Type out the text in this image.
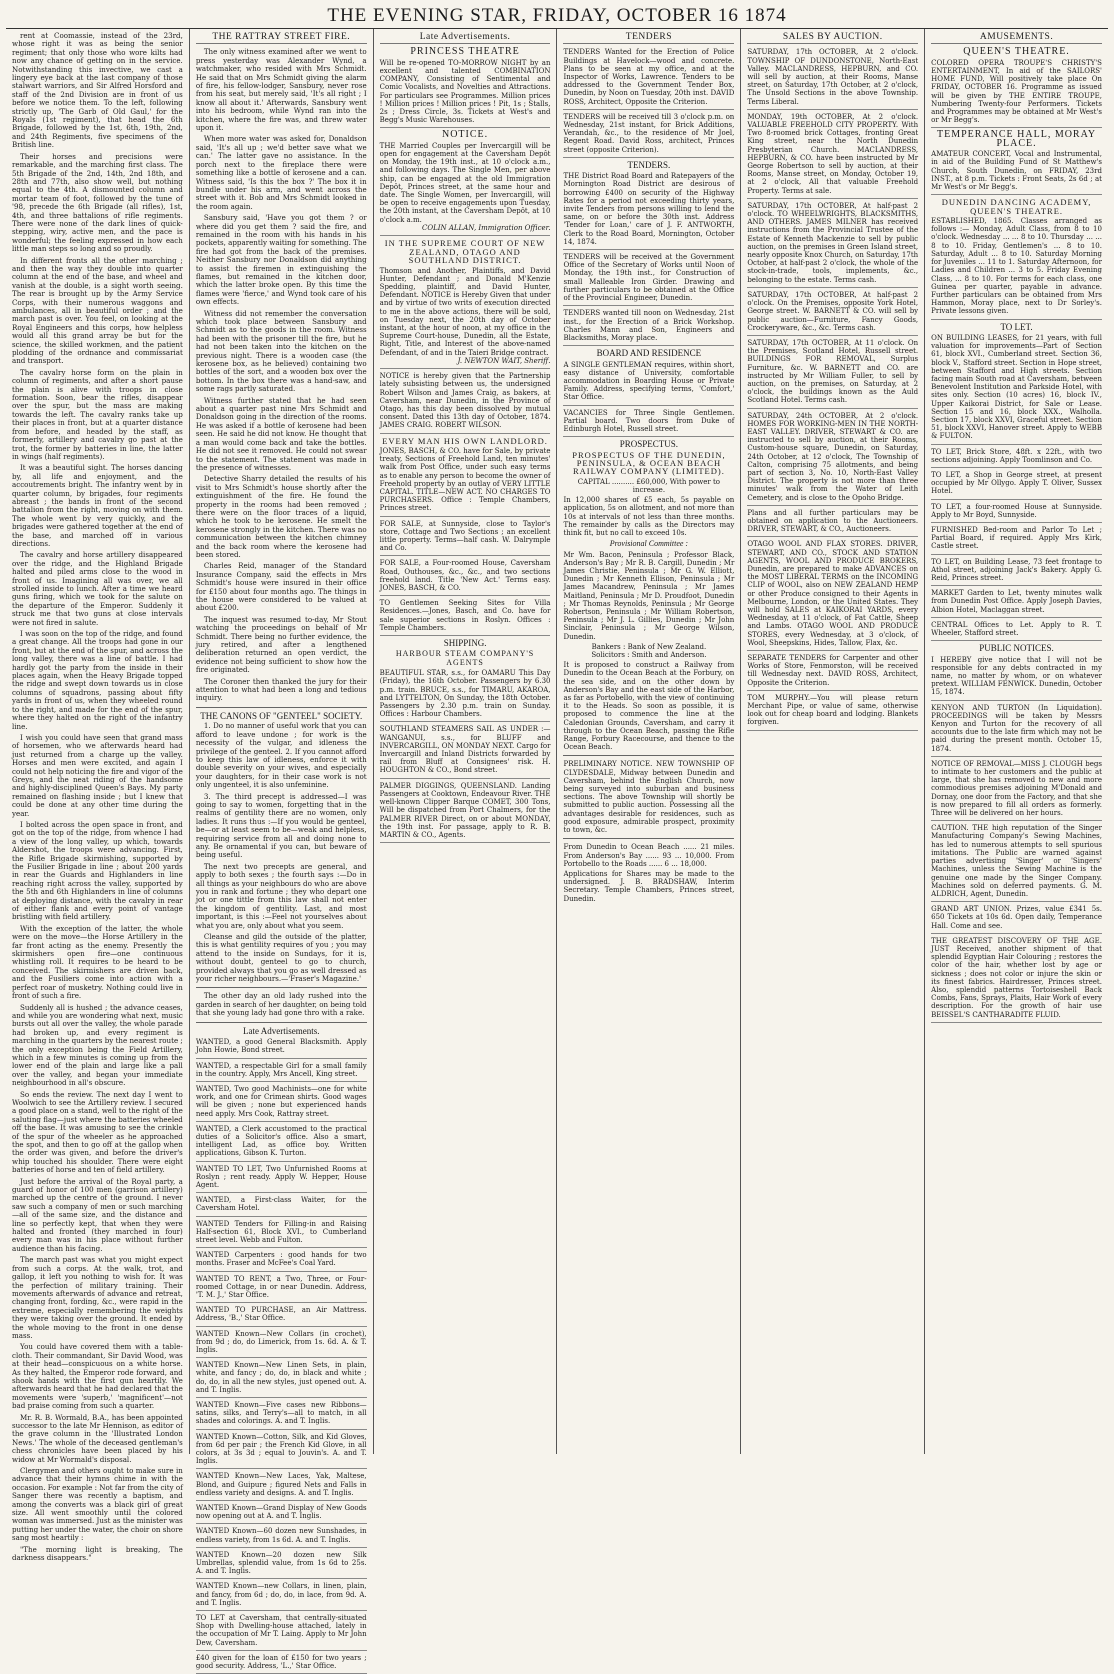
THE EVENING STAR, FRIDAY, OCTOBER 16 1874
rent at Coomassie, instead of the 23rd, whose right it was as being the senior regiment; that only those who wore kilts had now any chance of getting on in the service. Notwithstanding this invective, we cast a lingery eye back at the last company of those stalwart warriors, and Sir Alfred Horsford and staff of the 2nd Division are in front of us before we notice them. To the left, following strictly up, 'The Garb of Old Gaul,' for the Royals (1st regiment), that head the 6th Brigade, followed by the 1st, 6th, 19th, 2nd, and 24th Regiments, five specimens of the British line.
Their horses and precisions were remarkable, and the marching first class. The 5th Brigade of the 2nd, 14th, 2nd 18th, and 28th and 77th, also show well, but nothing equal to the 4th. A dismounted column and mortar team of foot, followed by the tune of '98, precede the 6th Brigade (all rifles), 1st, 4th, and three battalions of rifle regiments. There were none of the dark lines of quick-stepping, wiry, active men, and the pace is wonderful; the feeling expressed in how each little man steps so long and so proudly.
In different fronts all the other marching ; and then the way they double into quarter column at the end of the base, and wheel and vanish at the double, is a sight worth seeing. The rear is brought up by the Army Service Corps, with their numerous waggons and ambulances, all in beautiful order ; and the march past is over. You feel, on looking at the Royal Engineers and this corps, how helpless would all this grand array be but for the science, the skilled workmen, and the patient plodding of the ordnance and commissariat and transport.
The cavalry horse form on the plain in column of regiments, and after a short pause the plain is alive with troops in close formation. Soon, bear the rifles, disappear over the spur, but the mass are making towards the left. The cavalry ranks take up their places in front, but at a quarter distance from before, and headed by the staff, as formerly, artillery and cavalry go past at the trot, the former by batteries in line, the latter in wings (half regiments).
It was a beautiful sight. The horses dancing by, all life and enjoyment, and the accoutrements bright. The infantry went by in quarter column, by brigades, four regiments abreast ; the bands in front of the second battalion from the right, moving on with them. The whole went by very quickly, and the brigades were gathered together at the end of the base, and marched off in various directions.
The cavalry and horse artillery disappeared over the ridge, and the Highland Brigade halted and piled arms close to the wood in front of us. Imagining all was over, we all strolled inside to lunch. After a time we heard guns firing, which we took for the salute on the departure of the Emperor. Suddenly it struck me that two guns at close intervals were not fired in salute.
I was soon on the top of the ridge, and found a great change. All the troops had gone in our front, but at the end of the spur, and across the long valley, there was a line of battle. I had hardly got the party from the inside in their places again, when the Heavy Brigade topped the ridge and swept down towards us in close columns of squadrons, passing about fifty yards in front of us, when they wheeled round to the right, and made for the end of the spur, where they halted on the right of the infantry line.
I wish you could have seen that grand mass of horsemen, who we afterwards heard had just returned from a charge up the valley. Horses and men were excited, and again I could not help noticing the fire and vigor of the Greys, and the neat riding of the handsome and highly-disciplined Queen's Bays. My party remained on flashing inside ; but I knew that could be done at any other time during the year.
I bolted across the open space in front, and got on the top of the ridge, from whence I had a view of the long valley, up which, towards Aldershot, the troops were advancing. First, the Rifle Brigade skirmishing, supported by the Fusilier Brigade in line ; about 200 yards in rear the Guards and Highlanders in line reaching right across the valley, supported by the 5th and 6th Highlanders in line of columns at deploying distance, with the cavalry in rear of either flank and every point of vantage bristling with field artillery.
With the exception of the latter, the whole were on the move—the Horse Artillery in the far front acting as the enemy. Presently the skirmishers open fire—one continuous whistling roll. It requires to be heard to be conceived. The skirmishers are driven back, and the Fusiliers come into action with a perfect roar of musketry. Nothing could live in front of such a fire.
Suddenly all is hushed ; the advance ceases, and while you are wondering what next, music bursts out all over the valley, the whole parade had broken up, and every regiment is marching in the quarters by the nearest route ; the only exception being the Field Artillery, which in a few minutes is coming up from the lower end of the plain and large like a pall over the valley, and began your immediate neighbourhood in all's obscure.
So ends the review. The next day I went to Woolwich to see the Artillery review. I secured a good place on a stand, well to the right of the saluting flag—just where the batteries wheeled off the base. It was amusing to see the crinkle of the spur of the wheeler as he approached the spot, and then to go off at the gallop when the order was given, and before the driver's whip touched his shoulder. There were eight batteries of horse and ten of field artillery.
Just before the arrival of the Royal party, a guard of honor of 100 men (garrison artillery) marched up the centre of the ground. I never saw such a company of men or such marching—all of the same size, and the distance and line so perfectly kept, that when they were halted and fronted (they marched in four) every man was in his place without further audience than his facing.
The march past was what you might expect from such a corps. At the walk, trot, and gallop, it left you nothing to wish for. It was the perfection of military training. Their movements afterwards of advance and retreat, changing front, fording, &c., were rapid in the extreme, especially remembering the weights they were taking over the ground. It ended by the whole moving to the front in one dense mass.
You could have covered them with a table-cloth. Their commandant, Sir David Wood, was at their head—conspicuous on a white horse. As they halted, the Emperor rode forward, and shook hands with the first gun heartily. We afterwards heard that he had declared that the movements were 'superb,' 'magnificent'—not bad praise coming from such a quarter.
Mr. R. B. Wormald, B.A., has been appointed successor to the late Mr Hennison, as editor of the grave column in the 'Illustrated London News.' The whole of the deceased gentleman's chess chronicles have been placed by his widow at Mr Wormald's disposal.
Clergymen and others ought to make sure in advance that their hymns chime in with the occasion. For example : Not far from the city of Sanger there was recently a baptism, and among the converts was a black girl of great size. All went smoothly until the colored woman was immersed. Just as the minister was putting her under the water, the choir on shore sang most heartily :
"The morning light is breaking, The darkness disappears."
THE RATTRAY STREET FIRE.
The only witness examined after we went to press yesterday was Alexander Wynd, a watchmaker, who resided with Mrs Schmidt. He said that on Mrs Schmidt giving the alarm of fire, his fellow-lodger, Sansbury, never rose from his seat, but merely said, 'It's all right ; I know all about it.' Afterwards, Sansbury went into his bedroom, while Wynd ran into the kitchen, where the fire was, and threw water upon it.
When more water was asked for, Donaldson said, 'It's all up ; we'd better save what we can.' The latter gave no assistance. In the porch next to the fireplace there were something like a bottle of kerosene and a can. Witness said, 'Is this the box ?' The box it in bundle under his arm, and went across the street with it. Bob and Mrs Schmidt looked in the room again.
Sansbury said, 'Have you got them ? or where did you get them ? said the fire, and remained in the room with his hands in his pockets, apparently waiting for something. The fire had got from the back of the premises. Neither Sansbury nor Donaldson did anything to assist the firemen in extinguishing the flames, but remained in the kitchen door, which the latter broke open. By this time the flames were 'fierce,' and Wynd took care of his own effects.
Witness did not remember the conversation which took place between Sansbury and Schmidt as to the goods in the room. Witness had been with the prisoner till the fire, but he had not been taken into the kitchen on the previous night. There is a wooden case (the kerosene box, as he believed) containing two bottles of the sort, and a wooden box over the bottom. In the box there was a hand-saw, and some rags partly saturated.
Witness further stated that he had seen about a quarter past nine Mrs Schmidt and Donaldson going in the direction of the rooms. He was asked if a bottle of kerosene had been seen. He said he did not know. He thought that a man would come back and take the bottles. He did not see it removed. He could not swear to the statement. The statement was made in the presence of witnesses.
Detective Sharry detailed the results of his visit to Mrs Schmidt's house shortly after the extinguishment of the fire. He found the property in the rooms had been removed ; there were on the floor traces of a liquid, which he took to be kerosene. He smelt the kerosene strongly in the kitchen. There was no communication between the kitchen chimney and the back room where the kerosene had been stored.
Charles Reid, manager of the Standard Insurance Company, said the effects in Mrs Schmidt's house were insured in their office for £150 about four months ago. The things in the house were considered to be valued at about £200.
The inquest was resumed to-day, Mr Stout watching the proceedings on behalf of Mr Schmidt. There being no further evidence, the jury retired, and after a lengthened deliberation returned an open verdict, the evidence not being sufficient to show how the fire originated.
The Coroner then thanked the jury for their attention to what had been a long and tedious inquiry.
THE CANONS OF "GENTEEL" SOCIETY.
1. Do no manner of useful work that you can afford to leave undone ; for work is the necessity of the vulgar, and idleness the privilege of the genteel. 2. If you cannot afford to keep this law of idleness, enforce it with double severity on your wives, and especially your daughters, for in their case work is not only ungenteel, it is also unfeminine.
3. The third precept is addressed—I was going to say to women, forgetting that in the realms of gentility there are no women, only ladies. It runs thus :—If you would be genteel, be—or at least seem to be—weak and helpless, requiring service from all and doing none to any. Be ornamental if you can, but beware of being useful.
The next two precepts are general, and apply to both sexes ; the fourth says :—Do in all things as your neighbours do who are above you in rank and fortune ; they who depart one jot or one tittle from this law shall not enter the kingdom of gentility. Last, and most important, is this :—Feel not yourselves about what you are, only about what you seem.
Cleanse and gild the outside of the platter, this is what gentility requires of you ; you may attend to the inside on Sundays, for it is, without doubt, genteel to go to church, provided always that you go as well dressed as your richer neighbours.—'Fraser's Magazine.'

The other day an old lady rushed into the garden in search of her daughter, on being told that she young lady had gone thro with a rake.

Late Advertisements.
WANTED, a good General Blacksmith. Apply John Howie, Bond street.
WANTED, a respectable Girl for a small family in the country. Apply, Mrs Ancell, King street.
WANTED, Two good Machinists—one for white work, and one for Crimean shirts. Good wages will be given ; none but experienced hands need apply. Mrs Cook, Rattray street.
WANTED, a Clerk accustomed to the practical duties of a Solicitor's office. Also a smart, intelligent Lad, as office boy. Written applications, Gibson K. Turton.
WANTED TO LET, Two Unfurnished Rooms at Roslyn ; rent ready. Apply W. Hepper, House Agent.
WANTED, a First-class Waiter, for the Caversham Hotel.
WANTED Tenders for Filling-in and Raising Half-section 61, Block XVI., to Cumberland street level. Webb and Fulton.
WANTED Carpenters : good hands for two months. Fraser and McFee's Coal Yard.
WANTED TO RENT, a Two, Three, or Four-roomed Cottage, in or near Dunedin. Address, 'T. M. J.,' Star Office.
WANTED TO PURCHASE, an Air Mattress. Address, 'B.,' Star Office.
WANTED Known—New Collars (in crochet), from 9d ; do, do Limerick, from 1s. 6d. A. & T. Inglis.
WANTED Known—New Linen Sets, in plain, white, and fancy ; do, do, in black and white ; do, do, in all the new styles, just opened out. A. and T. Inglis.
WANTED Known—Five cases new Ribbons—satins, silks, and Terry's—all to match, in all shades and colorings. A. and T. Inglis.
WANTED Known—Cotton, Silk, and Kid Gloves, from 6d per pair ; the French Kid Glove, in all colors, at 3s 3d ; equal to Jouvin's. A. and T. Inglis.
WANTED Known—New Laces, Yak, Maltese, Blond, and Guipure ; figured Nets and Falls in endless variety and designs. A. and T. Inglis.
WANTED Known—Grand Display of New Goods now opening out at A. and T. Inglis.
WANTED Known—60 dozen new Sunshades, in endless variety, from 1s 6d. A. and T. Inglis.
WANTED Known—20 dozen new Silk Umbrellas, splendid value, from 1s 6d to 25s. A. and T. Inglis.
WANTED Known—new Collars, in linen, plain, and fancy, from 6d ; do, do, in lace, from 9d. A. and T. Inglis.
TO LET at Caversham, that centrally-situated Shop with Dwelling-house attached, lately in the occupation of Mr T. Laing. Apply to Mr John Dew, Caversham.
£40 given for the loan of £150 for two years ; good security. Address, 'L.,' Star Office.
Late Advertisements.
PRINCESS THEATRE
Will be re-opened TO-MORROW NIGHT by an excellent and talented COMBINATION COMPANY, Consisting of Sentimental and Comic Vocalists, and Novelties and Attractions. For particulars see Programmes. Million prices ! Million prices ! Million prices ! Pit, 1s ; Stalls, 2s ; Dress Circle, 3s. Tickets at West's and Begg's Music Warehouses.
NOTICE.
THE Married Couples per Invercargill will be open for engagement at the Caversham Depôt on Monday, the 19th inst., at 10 o'clock a.m., and following days. The Single Men, per above ship, can be engaged at the old Immigration Depôt, Princes street, at the same hour and date. The Single Women, per Invercargill, will be open to receive engagements upon Tuesday, the 20th instant, at the Caversham Depôt, at 10 o'clock a.m.
COLIN ALLAN, Immigration Officer.
IN THE SUPREME COURT OF NEW ZEALAND, OTAGO AND SOUTHLAND DISTRICT.
Thomson and Another, Plaintiffs, and David Hunter, Defendant ; and Donald M'Kenzie Spedding, plaintiff, and David Hunter, Defendant. NOTICE is Hereby Given that under and by virtue of two writs of execution directed to me in the above actions, there will be sold, on Tuesday next, the 20th day of October instant, at the hour of noon, at my office in the Supreme Court-house, Dunedin, all the Estate, Right, Title, and Interest of the above-named Defendant, of and in the Taieri Bridge contract.
J. NEWTON WAIT, Sheriff.
NOTICE is hereby given that the Partnership lately subsisting between us, the undersigned Robert Wilson and James Craig, as bakers, at Caversham, near Dunedin, in the Province of Otago, has this day been dissolved by mutual consent. Dated this 13th day of October, 1874. JAMES CRAIG. ROBERT WILSON.
EVERY MAN HIS OWN LANDLORD.
JONES, BASCH, & CO. have for Sale, by private treaty, Sections of Freehold Land, ten minutes' walk from Post Office, under such easy terms as to enable any person to become the owner of Freehold property by an outlay of VERY LITTLE CAPITAL. TITLE—NEW ACT. NO CHARGES TO PURCHASERS. Office : Temple Chambers, Princes street.
FOR SALE, at Sunnyside, close to Taylor's store, Cottage and Two Sections ; an excellent little property. Terms—half cash. W. Dalrymple and Co.
FOR SALE, a Four-roomed House, Caversham Road, Outhouses, &c., &c., and two sections freehold land. Title 'New Act.' Terms easy. JONES, BASCH, & CO.
TO Gentlemen Seeking Sites for Villa Residences.—Jones, Basch, and Co. have for sale superior sections in Roslyn. Offices : Temple Chambers.
SHIPPING.
HARBOUR STEAM COMPANY'S AGENTS
BEAUTIFUL STAR, s.s., for OAMARU This Day (Friday), the 16th October. Passengers by 6.30 p.m. train. BRUCE, s.s., for TIMARU, AKAROA, and LYTTELTON, On Sunday, the 18th October. Passengers by 2.30 p.m. train on Sunday. Offices : Harbour Chambers.
SOUTHLAND STEAMERS SAIL AS UNDER :— WANGANUI, s.s., for BLUFF and INVERCARGILL, ON MONDAY NEXT. Cargo for Invercargill and Inland Districts forwarded by rail from Bluff at Consignees' risk. H. HOUGHTON & CO., Bond street.
PALMER DIGGINGS, QUEENSLAND. Landing Passengers at Cooktown, Endeavour River. THE well-known Clipper Barque COMET, 300 Tons, Will be dispatched from Port Chalmers, for the PALMER RIVER Direct, on or about MONDAY, the 19th inst. For passage, apply to R. B. MARTIN & CO., Agents.
TENDERS
TENDERS Wanted for the Erection of Police Buildings at Havelock—wood and concrete. Plans to be seen at my office, and at the Inspector of Works, Lawrence. Tenders to be addressed to the Government Tender Box, Dunedin, by Noon on Tuesday, 20th inst. DAVID ROSS, Architect, Opposite the Criterion.
TENDERS will be received till 3 o'clock p.m. on Wednesday, 21st instant, for Brick Additions, Verandah, &c., to the residence of Mr Joel, Regent Road. David Ross, architect, Princes street (opposite Criterion).
TENDERS.
THE District Road Board and Ratepayers of the Mornington Road District are desirous of borrowing £400 on security of the Highway Rates for a period not exceeding thirty years, invite Tenders from persons willing to lend the same, on or before the 30th inst. Address 'Tender for Loan,' care of J. F. ANTWORTH, Clerk to the Road Board, Mornington, October 14, 1874.
TENDERS will be received at the Government Office of the Secretary of Works until Noon of Monday, the 19th inst., for Construction of small Malleable Iron Girder. Drawing and further particulars to be obtained at the Office of the Provincial Engineer, Dunedin.
TENDERS wanted till noon on Wednesday, 21st inst., for the Erection of a Brick Workshop. Charles Mann and Son, Engineers and Blacksmiths, Moray place.
BOARD AND RESIDENCE
A SINGLE GENTLEMAN requires, within short, easy distance of University, comfortable accommodation in Boarding House or Private Family. Address, specifying terms, 'Comfort,' Star Office.
VACANCIES for Three Single Gentlemen. Partial board. Two doors from Duke of Edinburgh Hotel, Russell street.
PROSPECTUS.
PROSPECTUS OF THE DUNEDIN, PENINSULA, & OCEAN BEACH RAILWAY COMPANY (LIMITED).
CAPITAL .......... £60,000, With power to increase.
In 12,000 shares of £5 each, 5s payable on application, 5s on allotment, and not more than 10s at intervals of not less than three months. The remainder by calls as the Directors may think fit, but no call to exceed 10s.
Provisional Committee :
Mr Wm. Bacon, Peninsula ; Professor Black, Anderson's Bay ; Mr R. B. Cargill, Dunedin ; Mr James Christie, Peninsula ; Mr G. W. Elliott, Dunedin ; Mr Kenneth Ellison, Peninsula ; Mr James Macandrew, Peninsula ; Mr James Maitland, Peninsula ; Mr D. Proudfoot, Dunedin ; Mr Thomas Reynolds, Peninsula ; Mr George Robertson, Peninsula ; Mr William Robertson, Peninsula ; Mr J. L. Gillies, Dunedin ; Mr John Sinclair, Peninsula ; Mr George Wilson, Dunedin.
Bankers : Bank of New Zealand.
Solicitors : Smith and Anderson.
It is proposed to construct a Railway from Dunedin to the Ocean Beach at the Forbury, on the sea side, and on the other down by Anderson's Bay and the east side of the Harbor, as far as Portobello, with the view of continuing it to the Heads. So soon as possible, it is proposed to commence the line at the Caledonian Grounds, Caversham, and carry it through to the Ocean Beach, passing the Rifle Range, Forbury Racecourse, and thence to the Ocean Beach.
PRELIMINARY NOTICE. NEW TOWNSHIP OF CLYDESDALE, Midway between Dunedin and Caversham, behind the English Church, now being surveyed into suburban and business sections. The above Township will shortly be submitted to public auction. Possessing all the advantages desirable for residences, such as good exposure, admirable prospect, proximity to town, &c.
From Dunedin to Ocean Beach ...... 21 miles. From Anderson's Bay ...... 93 ... 10,000. From Portobello to the Roads ...... 6 ... 18,000.
Applications for Shares may be made to the undersigned. J. B. BRADSHAW, Interim Secretary. Temple Chambers, Princes street, Dunedin.
SALES BY AUCTION.
SATURDAY, 17th OCTOBER, At 2 o'clock. TOWNSHIP OF DUNDONSTONE, North-East Valley. MACLANDRESS, HEPBURN, and CO. will sell by auction, at their Rooms, Manse street, on Saturday, 17th October, at 2 o'clock, The Unsold Sections in the above Township. Terms Liberal.
MONDAY, 19th OCTOBER, At 2 o'clock. VALUABLE FREEHOLD CITY PROPERTY. With Two 8-roomed brick Cottages, fronting Great King street, near the North Dunedin Presbyterian Church. MACLANDRESS, HEPBURN, & CO. have been instructed by Mr George Robertson to sell by auction, at their Rooms, Manse street, on Monday, October 19, at 2 o'clock, All that valuable Freehold Property. Terms at sale.
SATURDAY, 17th OCTOBER, At half-past 2 o'clock. TO WHEELWRIGHTS, BLACKSMITHS, AND OTHERS. JAMES MILNER has received instructions from the Provincial Trustee of the Estate of Kenneth Mackenzie to sell by public auction, on the premises in Green Island street, nearly opposite Knox Church, on Saturday, 17th October, at half-past 2 o'clock, the whole of the stock-in-trade, tools, implements, &c., belonging to the estate. Terms cash.
SATURDAY, 17th OCTOBER, At half-past 2 o'clock. On the Premises, opposite York Hotel, George street. W. BARNETT & CO. will sell by public auction—Furniture, Fancy Goods, Crockeryware, &c., &c. Terms cash.
SATURDAY, 17th OCTOBER, At 11 o'clock. On the Premises, Scotland Hotel, Russell street. BUILDINGS FOR REMOVAL, Surplus Furniture, &c. W. BARNETT and CO. are instructed by Mr William Fuller, to sell by auction, on the premises, on Saturday, at 2 o'clock, the buildings known as the Auld Scotland Hotel. Terms cash.
SATURDAY, 24th OCTOBER, At 2 o'clock. HOMES FOR WORKING-MEN IN THE NORTH-EAST VALLEY. DRIVER, STEWART & CO. are instructed to sell by auction, at their Rooms, Custom-house square, Dunedin, on Saturday, 24th October, at 12 o'clock, The Township of Calton, comprising 75 allotments, and being part of section 3, No. 10, North-East Valley District. The property is not more than three minutes' walk from the Water of Leith Cemetery, and is close to the Opoho Bridge.
Plans and all further particulars may be obtained on application to the Auctioneers. DRIVER, STEWART, & CO., Auctioneers.
OTAGO WOOL AND FLAX STORES. DRIVER, STEWART, AND CO., STOCK AND STATION AGENTS, WOOL AND PRODUCE BROKERS, Dunedin, are prepared to make ADVANCES on the MOST LIBERAL TERMS on the INCOMING CLIP of WOOL, also on NEW ZEALAND HEMP or other Produce consigned to their Agents in Melbourne, London, or the United States. They will hold SALES at KAIKORAI YARDS, every Wednesday, at 11 o'clock, of Fat Cattle, Sheep and Lambs. OTAGO WOOL AND PRODUCE STORES, every Wednesday, at 3 o'clock, of Wool, Sheepskins, Hides, Tallow, Flax, &c.
SEPARATE TENDERS for Carpenter and other Works of Store, Fenmorston, will be received till Wednesday next. DAVID ROSS, Architect, Opposite the Criterion.
TOM MURPHY.—You will please return Merchant Pipe, or value of same, otherwise look out for cheap board and lodging. Blankets forgiven.
AMUSEMENTS.
QUEEN'S THEATRE.
COLORED OPERA TROUPE'S CHRISTY'S ENTERTAINMENT, In aid of the SAILORS' HOME FUND, Will positively take place On FRIDAY, OCTOBER 16. Programme as issued will be given by THE ENTIRE TROUPE, Numbering Twenty-four Performers. Tickets and Programmes may be obtained at Mr West's or Mr Begg's.
TEMPERANCE HALL, MORAY PLACE.
AMATEUR CONCERT, Vocal and Instrumental, in aid of the Building Fund of St Matthew's Church, South Dunedin, on FRIDAY, 23rd INST., at 8 p.m. Tickets : Front Seats, 2s 6d ; at Mr West's or Mr Begg's.
DUNEDIN DANCING ACADEMY, QUEEN'S THEATRE.
ESTABLISHED, 1865. Classes arranged as follows :— Monday, Adult Class, from 8 to 10 o'clock. Wednesday ... ... 8 to 10. Thursday ... ... 8 to 10. Friday, Gentlemen's ... 8 to 10. Saturday, Adult ... 8 to 10. Saturday Morning for Juveniles ... 11 to 1. Saturday Afternoon, for Ladies and Children ... 3 to 5. Friday Evening Class, ... 8 to 10. For terms for each class, one Guinea per quarter, payable in advance. Further particulars can be obtained from Mrs Hammon, Moray place, next to Dr Sorley's. Private lessons given.
TO LET.
ON BUILDING LEASES, for 21 years, with full valuation for improvements—Part of Section 61, block XVI., Cumberland street. Section 36, block V., Stafford street. Section in Hope street, between Stafford and High streets. Section facing main South road at Caversham, between Benevolent Institution and Parkside Hotel, with sites only. Section (10 acres) 16, block IV., Upper Kaikorai District, for Sale or Lease. Section 15 and 16, block XXX., Walholla. Section 17, block XXVI, Graceful street. Section 51, block XXVI, Hanover street. Apply to WEBB & FULTON.
TO LET, Brick Store, 48ft. x 22ft., with two sections adjoining. Apply Toomlinson and Co.
TO LET, a Shop in George street, at present occupied by Mr Ollygo. Apply T. Oliver, Sussex Hotel.
TO LET, a four-roomed House at Sunnyside. Apply to Mr Boyd, Sunnyside.
FURNISHED Bed-room and Parlor To Let ; Partial Board, if required. Apply Mrs Kirk, Castle street.
TO LET, on Building Lease, 73 feet frontage to Athol street, adjoining Jack's Bakery. Apply G. Reid, Princes street.
MARKET Garden to Let, twenty minutes walk from Dunedin Post Office. Apply Joseph Davies, Albion Hotel, Maclaggan street.
CENTRAL Offices to Let. Apply to R. T. Wheeler, Stafford street.
PUBLIC NOTICES.
I HEREBY give notice that I will not be responsible for any debts contracted in my name, no matter by whom, or on whatever pretext. WILLIAM FENWICK. Dunedin, October 15, 1874.
KENYON AND TURTON (In Liquidation). PROCEEDINGS will be taken by Messrs Kenyon and Turton for the recovery of all accounts due to the late firm which may not be paid during the present month. October 15, 1874.
NOTICE OF REMOVAL—MISS J. CLOUGH begs to intimate to her customers and the public at large, that she has removed to new and more commodious premises adjoining M'Donald and Dornay, one door from the Factory, and that she is now prepared to fill all orders as formerly. Three will be delivered on her hours.
CAUTION. THE high reputation of the Singer Manufacturing Company's Sewing Machines, has led to numerous attempts to sell spurious imitations. The Public are warned against parties advertising 'Singer' or 'Singers' Machines, unless the Sewing Machine is the genuine one made by the Singer Company. Machines sold on deferred payments. G. M. ALDRICH, Agent, Dunedin.
GRAND ART UNION. Prizes, value £341 5s. 650 Tickets at 10s 6d. Open daily, Temperance Hall. Come and see.
THE GREATEST DISCOVERY OF THE AGE. JUST Received, another shipment of that splendid Egyptian Hair Colouring ; restores the color of the hair, whether lost by age or sickness ; does not color or injure the skin or its finest fabrics. Hairdresser, Princes street. Also, splendid patterns Tortoiseshell Back Combs, Fans, Sprays, Plaits, Hair Work of every description. For the growth of hair use BEISSEL'S CANTHARADITE FLUID.
